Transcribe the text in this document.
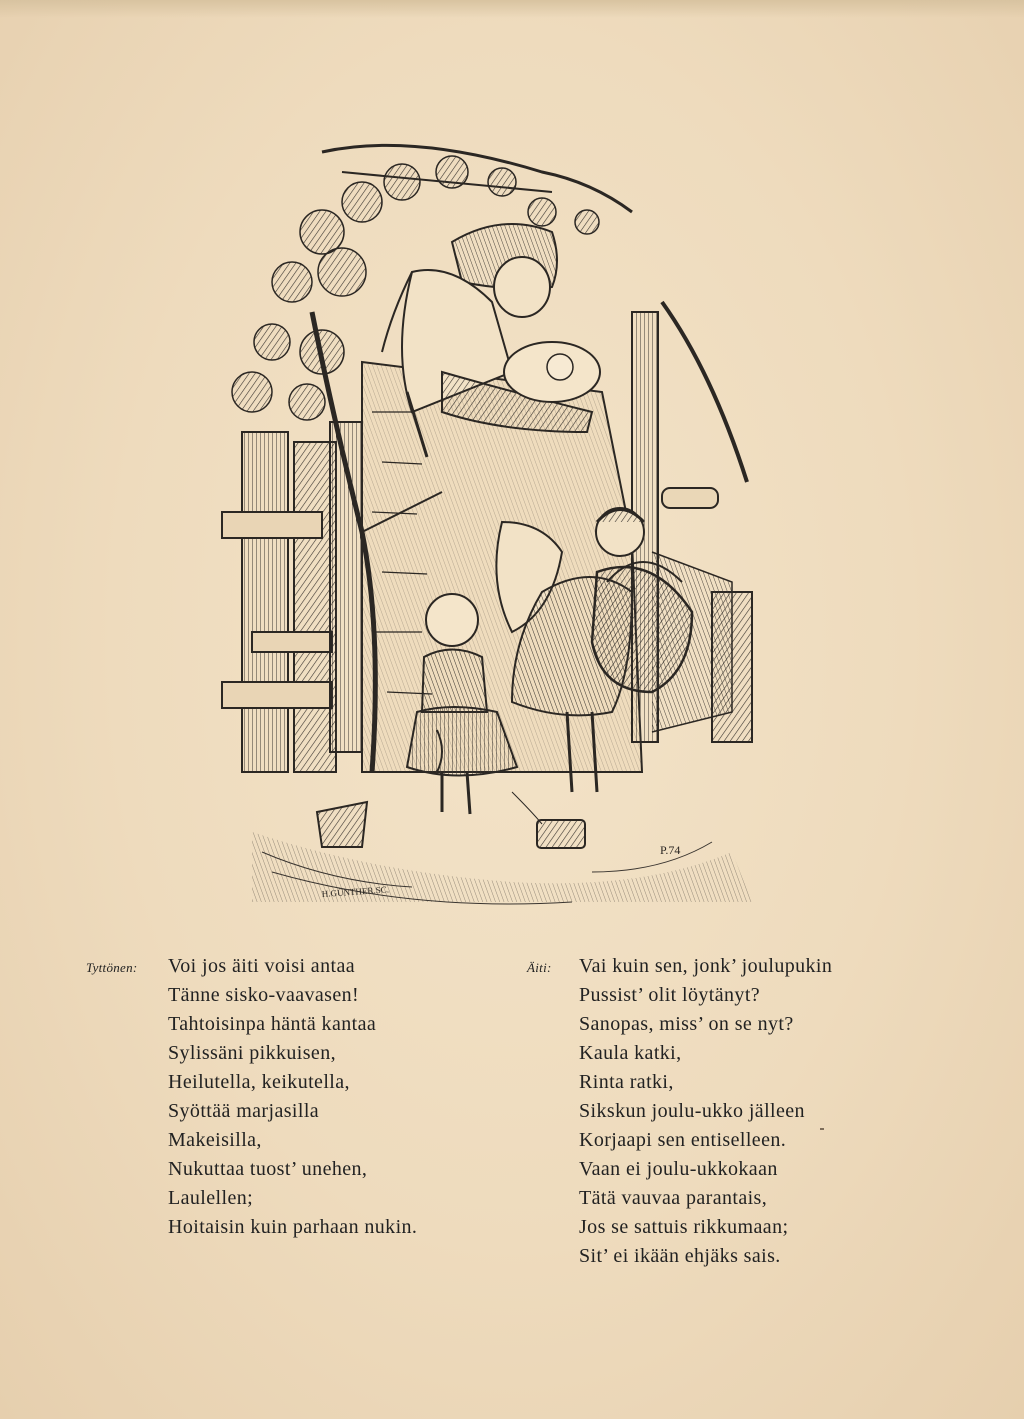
H.GÜNTHER.SC.
P.74
Tyttönen: Voi jos äiti voisi antaa
Tänne sisko-vaavasen!
Tahtoisinpa häntä kantaa
Sylissäni pikkuisen,
Heilutella, keikutella,
Syöttää marjasilla
Makeisilla,
Nukuttaa tuost’ unehen,
Laulellen;
Hoitaisin kuin parhaan nukin.
Äiti: Vai kuin sen, jonk’ joulupukin
Pussist’ olit löytänyt?
Sanopas, miss’ on se nyt?
Kaula katki,
Rinta ratki,
Sikskun joulu-ukko jälleen
Korjaapi sen entiselleen.
Vaan ei joulu-ukkokaan
Tätä vauvaa parantais,
Jos se sattuis rikkumaan;
Sit’ ei ikään ehjäks sais.
